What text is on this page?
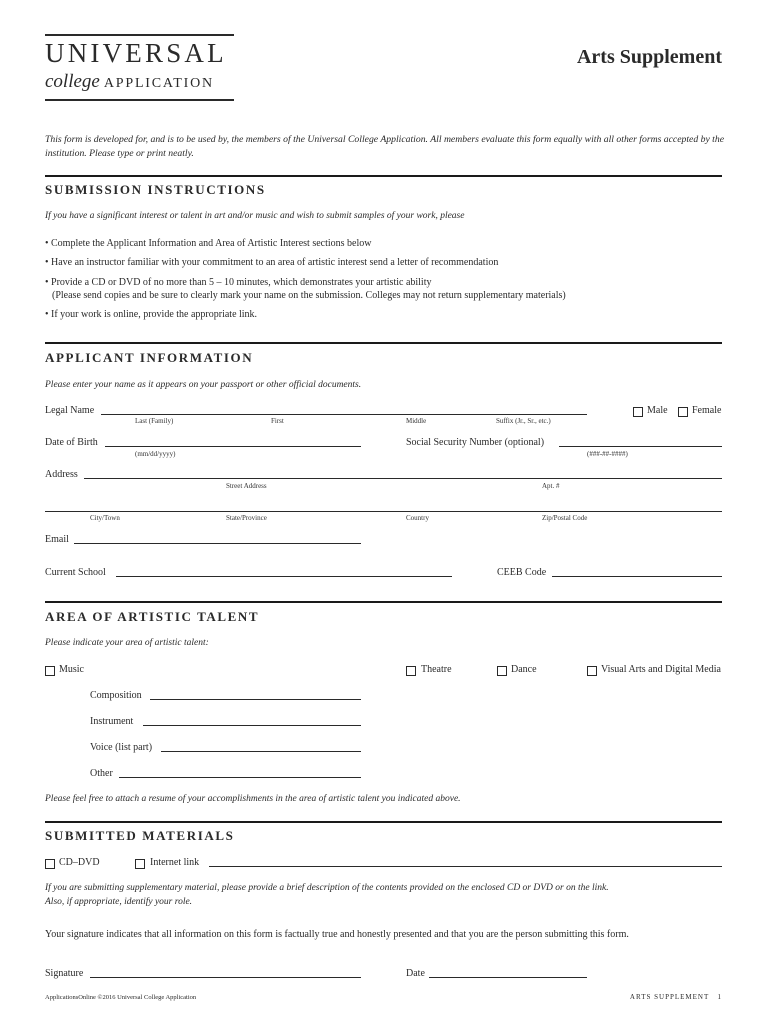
UNIVERSAL
college APPLICATION
Arts Supplement
This form is developed for, and is to be used by, the members of the Universal College Application. All members evaluate this form equally with all other forms accepted by the institution. Please type or print neatly.
SUBMISSION INSTRUCTIONS
If you have a significant interest or talent in art and/or music and wish to submit samples of your work, please
• Complete the Applicant Information and Area of Artistic Interest sections below
• Have an instructor familiar with your commitment to an area of artistic interest send a letter of recommendation
• Provide a CD or DVD of no more than 5 – 10 minutes, which demonstrates your artistic ability
(Please send copies and be sure to clearly mark your name on the submission. Colleges may not return supplementary materials)
• If your work is online, provide the appropriate link.
APPLICANT INFORMATION
Please enter your name as it appears on your passport or other official documents.
Legal Name
Last (Family)	First	Middle	Suffix (Jr., Sr., etc.)
Male Female
Date of Birth
(mm/dd/yyyy)
Social Security Number (optional)
(###-##-####)
Address
Street Address	Apt. #
City/Town	State/Province	Country	Zip/Postal Code
Email
Current School	CEEB Code
AREA OF ARTISTIC TALENT
Please indicate your area of artistic talent:
Music	Theatre	Dance	Visual Arts and Digital Media
Composition
Instrument
Voice (list part)
Other
Please feel free to attach a resume of your accomplishments in the area of artistic talent you indicated above.
SUBMITTED MATERIALS
CD–DVD	Internet link
If you are submitting supplementary material, please provide a brief description of the contents provided on the enclosed CD or DVD or on the link.
Also, if appropriate, identify your role.
Your signature indicates that all information on this form is factually true and honestly presented and that you are the person submitting this form.
Signature	Date
ApplicationsOnline ©2016 Universal College Application	ARTS SUPPLEMENT 1
